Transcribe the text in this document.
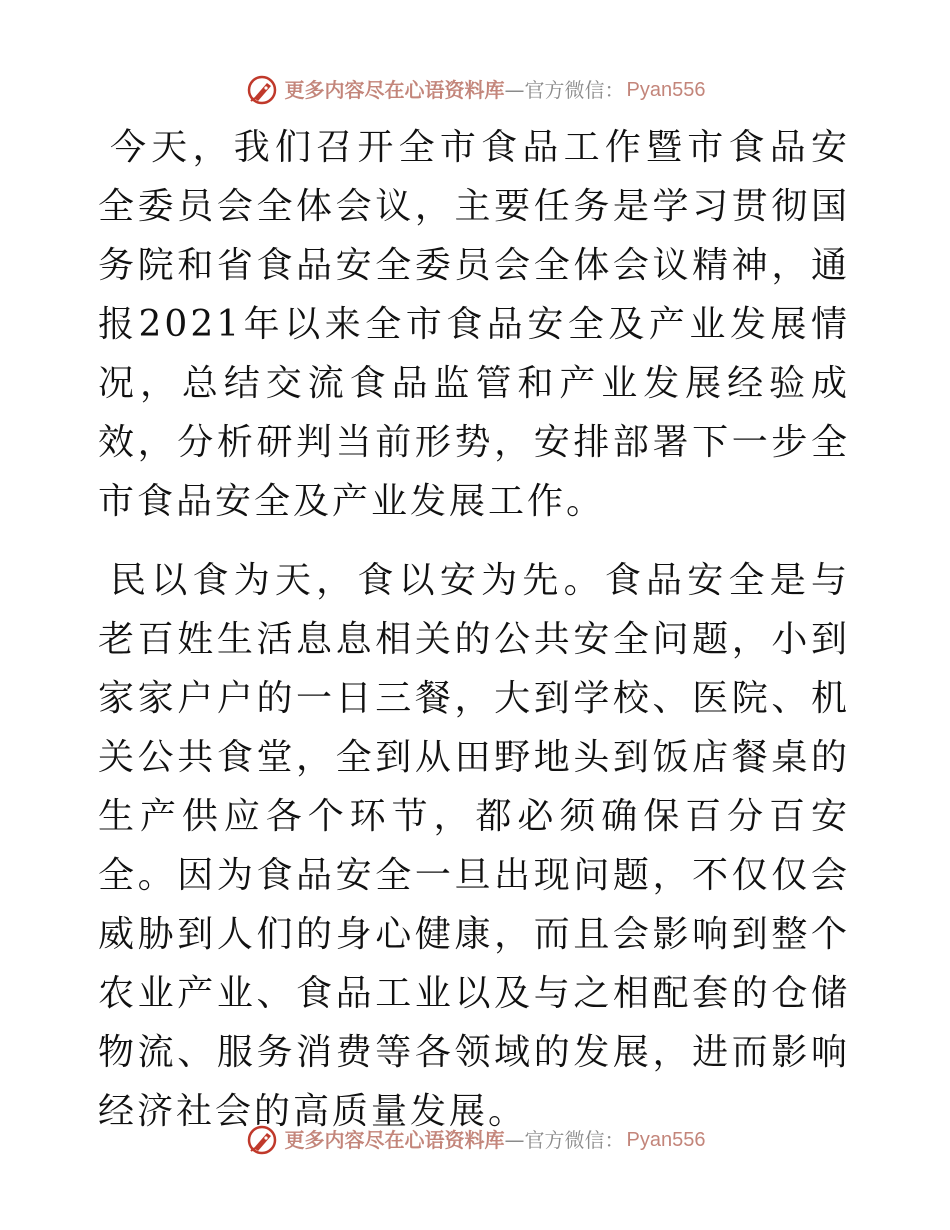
更多内容尽在心语资料库 — 官方微信： Pyan556

今天，我们召开全市食品工作暨市食品安全委员会全体会议，主要任务是学习贯彻国务院和省食品安全委员会全体会议精神，通报2021年以来全市食品安全及产业发展情况，总结交流食品监管和产业发展经验成效，分析研判当前形势，安排部署下一步全市食品安全及产业发展工作。

民以食为天，食以安为先。食品安全是与老百姓生活息息相关的公共安全问题，小到家家户户的一日三餐，大到学校、医院、机关公共食堂，全到从田野地头到饭店餐桌的生产供应各个环节，都必须确保百分百安全。因为食品安全一旦出现问题，不仅仅会威胁到人们的身心健康，而且会影响到整个农业产业、食品工业以及与之相配套的仓储物流、服务消费等各领域的发展，进而影响经济社会的高质量发展。

更多内容尽在心语资料库 — 官方微信： Pyan556
